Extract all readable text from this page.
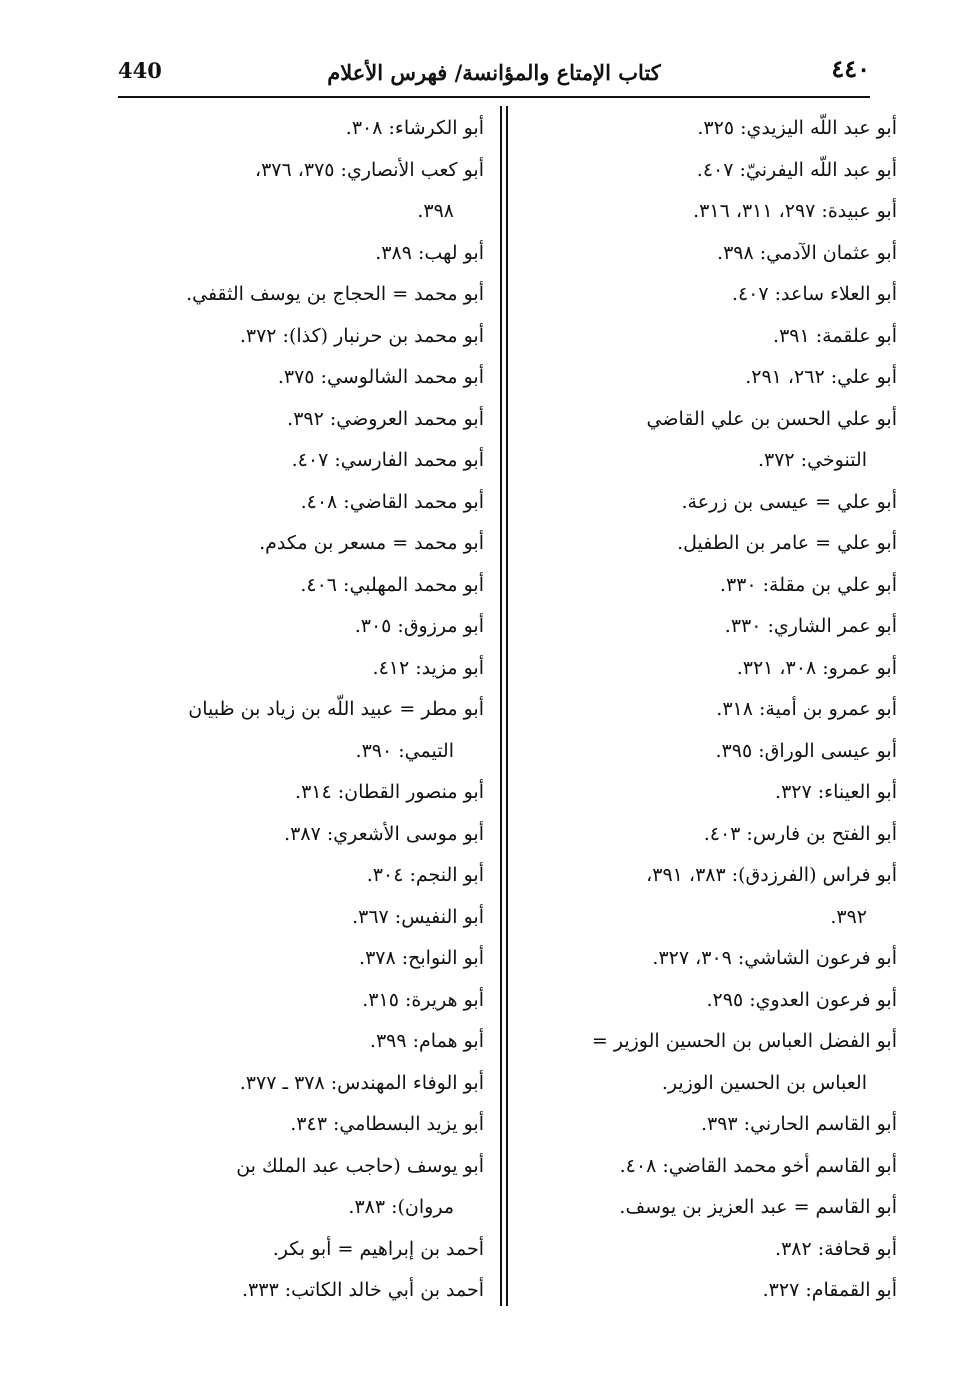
440	كتاب الإمتاع والمؤانسة/ فهرس الأعلام	٤٤٠
أبو عبد اللّه اليزيدي: ٣٢٥.
أبو عبد اللّه اليفرنيّ: ٤٠٧.
أبو عبيدة: ٢٩٧، ٣١١، ٣١٦.
أبو عثمان الآدمي: ٣٩٨.
أبو العلاء ساعد: ٤٠٧.
أبو علقمة: ٣٩١.
أبو علي: ٢٦٢، ٢٩١.
أبو علي الحسن بن علي القاضي
التنوخي: ٣٧٢.
أبو علي = عيسى بن زرعة.
أبو علي = عامر بن الطفيل.
أبو علي بن مقلة: ٣٣٠.
أبو عمر الشاري: ٣٣٠.
أبو عمرو: ٣٠٨، ٣٢١.
أبو عمرو بن أمية: ٣١٨.
أبو عيسى الوراق: ٣٩٥.
أبو العيناء: ٣٢٧.
أبو الفتح بن فارس: ٤٠٣.
أبو فراس (الفرزدق): ٣٨٣، ٣٩١،
٣٩٢.
أبو فرعون الشاشي: ٣٠٩، ٣٢٧.
أبو فرعون العدوي: ٢٩٥.
أبو الفضل العباس بن الحسين الوزير =
العباس بن الحسين الوزير.
أبو القاسم الحارني: ٣٩٣.
أبو القاسم أخو محمد القاضي: ٤٠٨.
أبو القاسم = عبد العزيز بن يوسف.
أبو قحافة: ٣٨٢.
أبو القمقام: ٣٢٧.
أبو الكرشاء: ٣٠٨.
أبو كعب الأنصاري: ٣٧٥، ٣٧٦،
٣٩٨.
أبو لهب: ٣٨٩.
أبو محمد = الحجاج بن يوسف الثقفي.
أبو محمد بن حرنبار (كذا): ٣٧٢.
أبو محمد الشالوسي: ٣٧٥.
أبو محمد العروضي: ٣٩٢.
أبو محمد الفارسي: ٤٠٧.
أبو محمد القاضي: ٤٠٨.
أبو محمد = مسعر بن مكدم.
أبو محمد المهلبي: ٤٠٦.
أبو مرزوق: ٣٠٥.
أبو مزيد: ٤١٢.
أبو مطر = عبيد اللّه بن زياد بن ظبيان
التيمي: ٣٩٠.
أبو منصور القطان: ٣١٤.
أبو موسى الأشعري: ٣٨٧.
أبو النجم: ٣٠٤.
أبو النفيس: ٣٦٧.
أبو النوابح: ٣٧٨.
أبو هريرة: ٣١٥.
أبو همام: ٣٩٩.
أبو الوفاء المهندس: ٣٧٨ ـ ٣٧٧.
أبو يزيد البسطامي: ٣٤٣.
أبو يوسف (حاجب عبد الملك بن
مروان): ٣٨٣.
أحمد بن إبراهيم = أبو بكر.
أحمد بن أبي خالد الكاتب: ٣٣٣.
